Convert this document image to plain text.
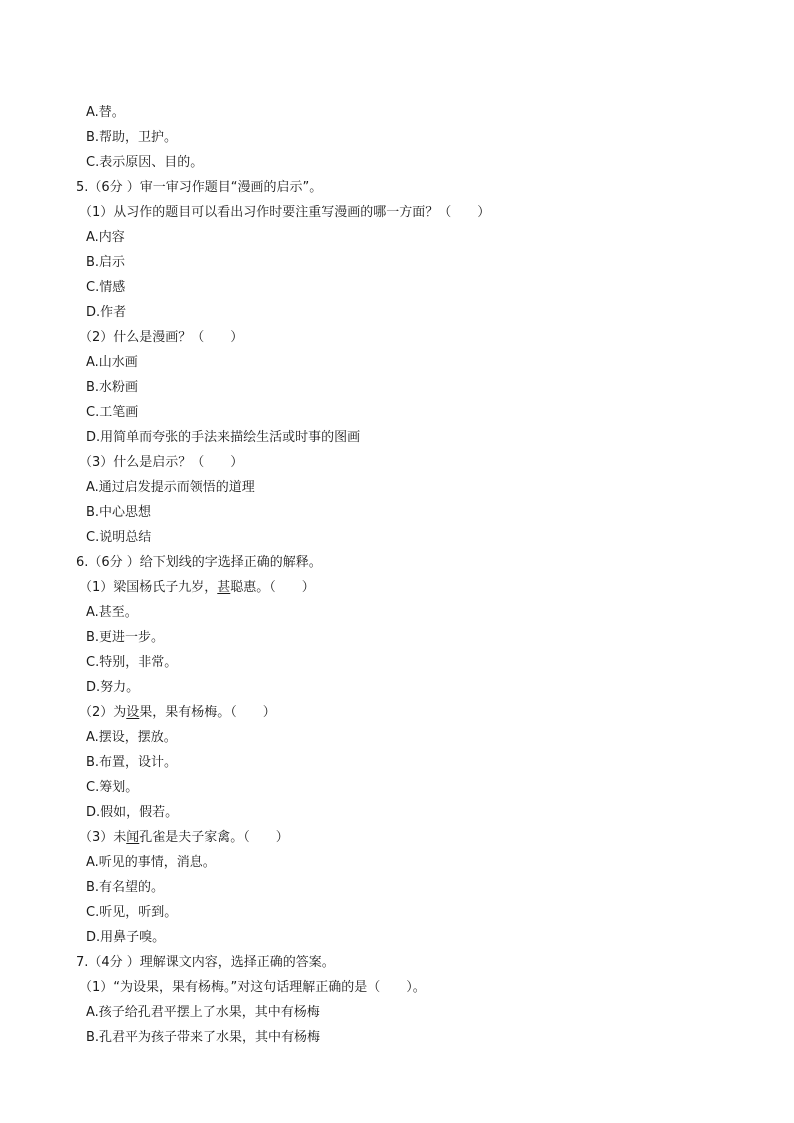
A.替。
B.帮助，卫护。
C.表示原因、目的。
5.（6分 ）审一审习作题目“漫画的启示”。
（1）从习作的题目可以看出习作时要注重写漫画的哪一方面？（　　）
A.内容
B.启示
C.情感
D.作者
（2）什么是漫画？（　　）
A.山水画
B.水粉画
C.工笔画
D.用简单而夸张的手法来描绘生活或时事的图画
（3）什么是启示？（　　）
A.通过启发提示而领悟的道理
B.中心思想
C.说明总结
6.（6分 ）给下划线的字选择正确的解释。
（1）梁国杨氏子九岁，甚聪惠。（　　）
A.甚至。
B.更进一步。
C.特别，非常。
D.努力。
（2）为设果，果有杨梅。（　　）
A.摆设，摆放。
B.布置，设计。
C.筹划。
D.假如，假若。
（3）未闻孔雀是夫子家禽。（　　）
A.听见的事情，消息。
B.有名望的。
C.听见，听到。
D.用鼻子嗅。
7.（4分 ）理解课文内容，选择正确的答案。
（1）“为设果，果有杨梅。”对这句话理解正确的是（　　）。
A.孩子给孔君平摆上了水果，其中有杨梅
B.孔君平为孩子带来了水果，其中有杨梅
